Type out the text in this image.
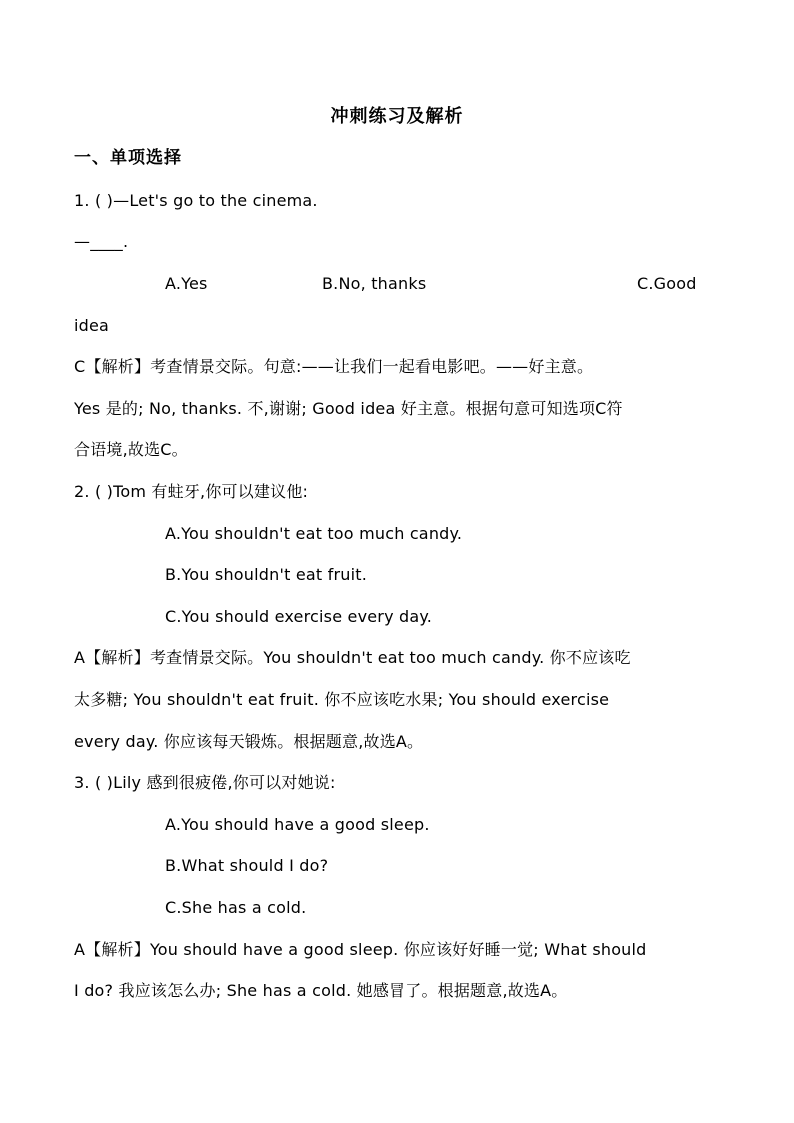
冲刺练习及解析
一、单项选择
1. ( )—Let's go to the cinema.
—____.
A.Yes	B.No, thanks	C.Good
idea
C【解析】考查情景交际。句意:——让我们一起看电影吧。——好主意。
Yes 是的; No, thanks. 不,谢谢; Good idea 好主意。根据句意可知选项C符
合语境,故选C。
2. ( )Tom 有蛀牙,你可以建议他:
A.You shouldn't eat too much candy.
B.You shouldn't eat fruit.
C.You should exercise every day.
A【解析】考查情景交际。You shouldn't eat too much candy. 你不应该吃
太多糖; You shouldn't eat fruit. 你不应该吃水果; You should exercise
every day. 你应该每天锻炼。根据题意,故选A。
3. ( )Lily 感到很疲倦,你可以对她说:
A.You should have a good sleep.
B.What should I do?
C.She has a cold.
A【解析】You should have a good sleep. 你应该好好睡一觉; What should
I do? 我应该怎么办; She has a cold. 她感冒了。根据题意,故选A。
